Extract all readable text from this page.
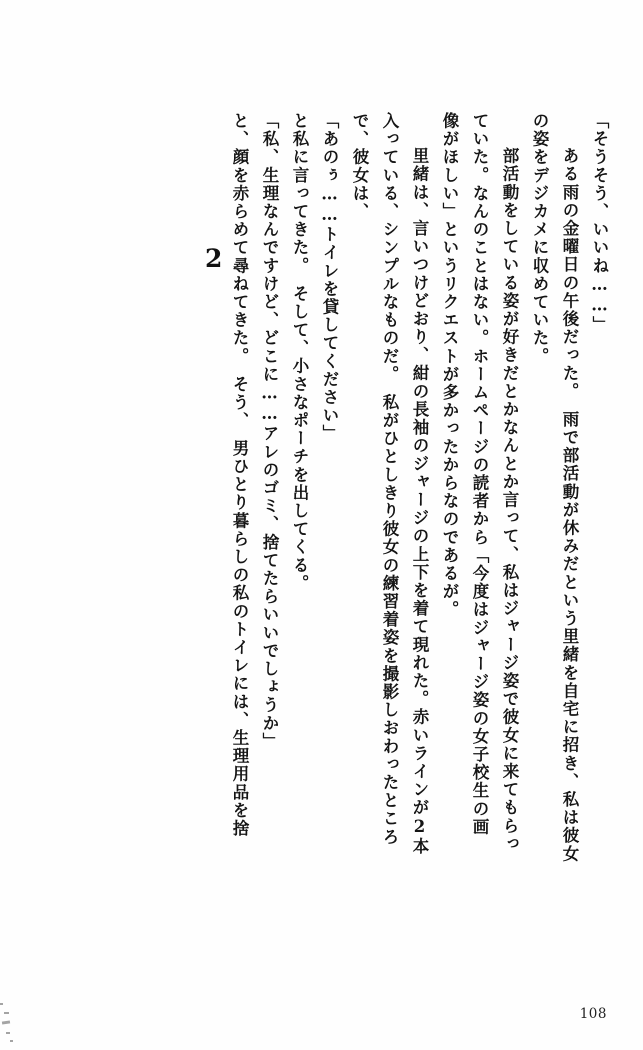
2	「そうそう、いいね……」
　ある雨の金曜日の午後だった。　雨で部活動が休みだという里緒を自宅に招き、私は彼女
の姿をデジカメに収めていた。
　部活動をしている姿が好きだとかなんとか言って、私はジャージ姿で彼女に来てもらっ
ていた。なんのことはない。ホームページの読者から「今度はジャージ姿の女子校生の画
像がほしい」というリクエストが多かったからなのであるが。
　里緒は、言いつけどおり、紺の長袖のジャージの上下を着て現れた。赤いラインが2本
入っている、シンプルなものだ。　私がひとしきり彼女の練習着姿を撮影しおわったところ
で、彼女は、
「あのぅ……トイレを貸してください」
と私に言ってきた。　そして、小さなポーチを出してくる。
「私、生理なんですけど、どこに……アレのゴミ、捨てたらいいでしょうか」
と、顔を赤らめて尋ねてきた。　そう、　男ひとり暮らしの私のトイレには、生理用品を捨
108
